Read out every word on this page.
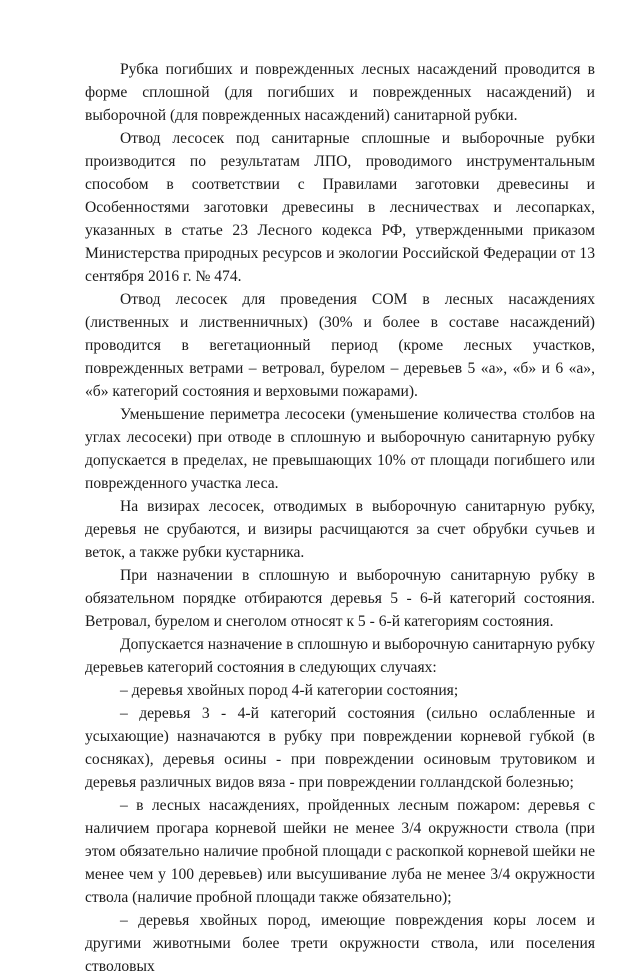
Рубка погибших и поврежденных лесных насаждений проводится в форме сплошной (для погибших и поврежденных насаждений) и выборочной (для поврежденных насаждений) санитарной рубки.

Отвод лесосек под санитарные сплошные и выборочные рубки производится по результатам ЛПО, проводимого инструментальным способом в соответствии с Правилами заготовки древесины и Особенностями заготовки древесины в лесничествах и лесопарках, указанных в статье 23 Лесного кодекса РФ, утвержденными приказом Министерства природных ресурсов и экологии Российской Федерации от 13 сентября 2016 г. № 474.

Отвод лесосек для проведения СОМ в лесных насаждениях (лиственных и лиственничных) (30% и более в составе насаждений) проводится в вегетационный период (кроме лесных участков, поврежденных ветрами – ветровал, бурелом – деревьев 5 «а», «б» и 6 «а», «б» категорий состояния и верховыми пожарами).

Уменьшение периметра лесосеки (уменьшение количества столбов на углах лесосеки) при отводе в сплошную и выборочную санитарную рубку допускается в пределах, не превышающих 10% от площади погибшего или поврежденного участка леса.

На визирах лесосек, отводимых в выборочную санитарную рубку, деревья не срубаются, и визиры расчищаются за счет обрубки сучьев и веток, а также рубки кустарника.

При назначении в сплошную и выборочную санитарную рубку в обязательном порядке отбираются деревья 5 - 6-й категорий состояния. Ветровал, бурелом и снеголом относят к 5 - 6-й категориям состояния.

Допускается назначение в сплошную и выборочную санитарную рубку деревьев категорий состояния в следующих случаях:

– деревья хвойных пород 4-й категории состояния;

– деревья 3 - 4-й категорий состояния (сильно ослабленные и усыхающие) назначаются в рубку при повреждении корневой губкой (в сосняках), деревья осины - при повреждении осиновым трутовиком и деревья различных видов вяза - при повреждении голландской болезнью;

– в лесных насаждениях, пройденных лесным пожаром: деревья с наличием прогара корневой шейки не менее 3/4 окружности ствола (при этом обязательно наличие пробной площади с раскопкой корневой шейки не менее чем у 100 деревьев) или высушивание луба не менее 3/4 окружности ствола (наличие пробной площади также обязательно);

– деревья хвойных пород, имеющие повреждения коры лосем и другими животными более трети окружности ствола, или поселения стволовых
